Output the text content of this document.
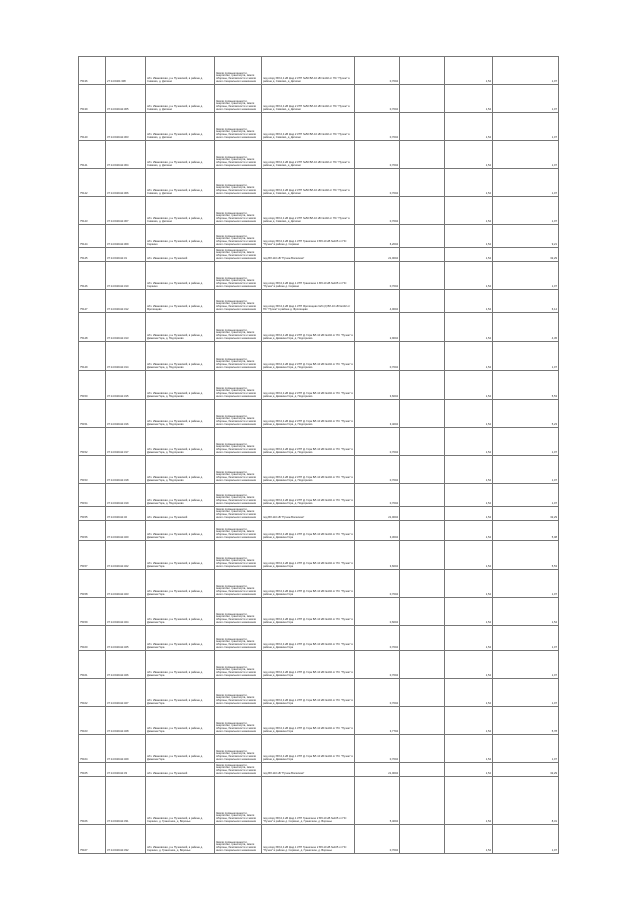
75136	27:14:0401:308	обл. Ивановская, р-н Пучежский, в районе д. Сивково, д. Деткино	Земли промышленности, энергетики, транспорта, земли обороны, безопасности и земли иного специального назначения	под опору ВЛ-0,4 кВ фид.2 КТП №50 ВЛ-10 кВ №102 от ПС "Пучеж" в районе д. Сивково, д. Деткино	0,7004		1,54	1,07
75139	37:14:040411:305	обл. Ивановская, р-н Пучежский, в районе д. Сивково, д. Деткино	Земли промышленности, энергетики, транспорта, земли обороны, безопасности и земли иного специального назначения	под опору ВЛ-0,4 кВ фид.2 КТП №50 ВЛ-10 кВ №102 от ПС "Пучеж" в районе д. Сивково, д. Деткино	0,7004		1,54	1,07
75140	37:14:040411:303	обл. Ивановская, р-н Пучежский, в районе д. Сивково, д. Деткино	Земли промышленности, энергетики, транспорта, земли обороны, безопасности и земли иного специального назначения	под опору ВЛ-0,4 кВ фид.2 КТП №50 ВЛ-10 кВ №102 от ПС "Пучеж" в районе д. Сивково, д. Деткино	0,7004		1,54	1,07
75141	37:14:040411:304	обл. Ивановская, р-н Пучежский, в районе д. Сивково, д. Деткино	Земли промышленности, энергетики, транспорта, земли обороны, безопасности и земли иного специального назначения	под опору ВЛ-0,4 кВ фид.2 КТП №50 ВЛ-10 кВ №102 от ПС "Пучеж" в районе д. Сивково, д. Деткино	0,7004		1,54	1,07
75142	37:14:040411:306	обл. Ивановская, р-н Пучежский, в районе д. Сивково, д. Деткино	Земли промышленности, энергетики, транспорта, земли обороны, безопасности и земли иного специального назначения	под опору ВЛ-0,4 кВ фид.2 КТП №50 ВЛ-10 кВ №102 от ПС "Пучеж" в районе д. Сивково, д. Деткино	0,7004		1,54	1,07
75143	37:14:040411:307	обл. Ивановская, р-н Пучежский, в районе д. Сивково, д. Деткино	Земли промышленности, энергетики, транспорта, земли обороны, безопасности и земли иного специального назначения	под опору ВЛ-0,4 кВ фид.2 КТП №50 ВЛ-10 кВ №102 от ПС "Пучеж" в районе д. Сивково, д. Деткино	0,7004		1,54	1,07
75144	37:14:040411:309	обл. Ивановская, р-н Пучежский, в районе д. Серкино	Земли промышленности, энергетики, транспорта, земли обороны, безопасности и земли иного специального назначения	под опору ВЛ-0,4 кВ фид.1 КТП Граничное 3 ВЛ-10 кВ №105 от ПС "Пучеж" в районе д. Серкино	6,2004		1,54	9,21
75145	37:14:040411:31	обл. Ивановская, р-н Пучежский	Земли промышленности, энергетики, транспорта, земли обороны, безопасности и земли иного специального назначения	под ВЛ-110 кВ "Пучеж-Волжская"	21,0004		1,54	32,29
75146	37:14:040411:310	обл. Ивановская, р-н Пучежский, в районе д. Серкино	Земли промышленности, энергетики, транспорта, земли обороны, безопасности и земли иного специального назначения	под опору ВЛ-0,4 кВ фид.1 КТП Граничное 1 ВЛ-10 кВ №105 от ПС "Пучеж" в районе д. Серкино	0,7004		1,54	1,07
75147	37:14:040411:312	обл. Ивановская, р-н Пучежский, в районе д. Фролищево	Земли промышленности, энергетики, транспорта, земли обороны, безопасности и земли иного специального назначения	под опору ВЛ-0,4 кВ фид.1 КТП Фролищево №5 (2) ВЛ-10 кВ №102 от ПС "Пучеж" в районе д. Фролищево	4,0004		1,54	6,14
75148	37:14:040411:313	обл. Ивановская, р-н Пучежский, в районе д. Демкина Гора, д. Подгорново	Земли промышленности, энергетики, транспорта, земли обороны, безопасности и земли иного специального назначения	под опору ВЛ-0,4 кВ фид.2 КТП Д. Гора ВЛ-10 кВ №102 от ПС "Пучеж" в районе д. Демкина Гора, д. Подгорново	2,9004		1,54	4,45
75149	37:14:040411:314	обл. Ивановская, р-н Пучежский, в районе д. Демкина Гора, д. Подгорново	Земли промышленности, энергетики, транспорта, земли обороны, безопасности и земли иного специального назначения	под опору ВЛ-0,4 кВ фид.2 КТП Д. Гора ВЛ-10 кВ №102 от ПС "Пучеж" в районе д. Демкина Гора, д. Подгорново	0,7004		1,54	1,07
75150	37:14:040411:315	обл. Ивановская, р-н Пучежский, в районе д. Демкина Гора, д. Подгорново	Земли промышленности, энергетики, транспорта, земли обороны, безопасности и земли иного специального назначения	под опору ВЛ-0,4 кВ фид.2 КТП Д. Гора ВЛ-10 кВ №102 от ПС "Пучеж" в районе д. Демкина Гора, д. Подгорново	3,6004		1,54	5,53
75151	37:14:040411:316	обл. Ивановская, р-н Пучежский, в районе д. Демкина Гора, д. Подгорново	Земли промышленности, энергетики, транспорта, земли обороны, безопасности и земли иного специального назначения	под опору ВЛ-0,4 кВ фид.2 КТП Д. Гора ВЛ-10 кВ №102 от ПС "Пучеж" в районе д. Демкина Гора, д. Подгорново	3,4004		1,54	5,23
75152	37:14:040411:317	обл. Ивановская, р-н Пучежский, в районе д. Демкина Гора, д. Подгорново	Земли промышленности, энергетики, транспорта, земли обороны, безопасности и земли иного специального назначения	под опору ВЛ-0,4 кВ фид.2 КТП Д. Гора ВЛ-10 кВ №102 от ПС "Пучеж" в районе д. Демкина Гора, д. Подгорново	0,7004		1,54	1,07
75153	37:14:040411:318	обл. Ивановская, р-н Пучежский, в районе д. Демкина Гора, д. Подгорново	Земли промышленности, энергетики, транспорта, земли обороны, безопасности и земли иного специального назначения	под опору ВЛ-0,4 кВ фид.2 КТП Д. Гора ВЛ-10 кВ №102 от ПС "Пучеж" в районе д. Демкина Гора, д. Подгорново	0,7004		1,54	1,07
75154	37:14:040411:319	обл. Ивановская, р-н Пучежский, в районе д. Демкина Гора, д. Подгорново	Земли промышленности, энергетики, транспорта, земли обороны, безопасности и земли иного специального назначения	под опору ВЛ-0,4 кВ фид.2 КТП Д. Гора ВЛ-10 кВ №102 от ПС "Пучеж" в районе д. Демкина Гора, д. Подгорново	0,7004		1,54	1,07
75155	37:14:040411:32	обл. Ивановская, р-н Пучежский	Земли промышленности, энергетики, транспорта, земли обороны, безопасности и земли иного специального назначения	под ВЛ-110 кВ "Пучеж-Волжская"	21,0004		1,54	32,29
75156	37:14:040411:320	обл. Ивановская, р-н Пучежский, в районе д. Демкина Гора	Земли промышленности, энергетики, транспорта, земли обороны, безопасности и земли иного специального назначения	под опору ВЛ-0,4 кВ фид.1 КТП Д. Гора ВЛ-10 кВ №102 от ПС "Пучеж" в районе д. Демкина Гора	3,3004		1,54	5,08
75157	37:14:040411:322	обл. Ивановская, р-н Пучежский, в районе д. Демкина Гора	Земли промышленности, энергетики, транспорта, земли обороны, безопасности и земли иного специального назначения	под опору ВЛ-0,4 кВ фид.1 КТП Д. Гора ВЛ-10 кВ №102 от ПС "Пучеж" в районе д. Демкина Гора	3,6004		1,54	5,53
75158	37:14:040411:323	обл. Ивановская, р-н Пучежский, в районе д. Демкина Гора	Земли промышленности, энергетики, транспорта, земли обороны, безопасности и земли иного специального назначения	под опору ВЛ-0,4 кВ фид.1 КТП Д. Гора ВЛ-10 кВ №102 от ПС "Пучеж" в районе д. Демкина Гора	0,7004		1,54	1,07
75159	37:14:040411:324	обл. Ивановская, р-н Пучежский, в районе д. Демкина Гора	Земли промышленности, энергетики, транспорта, земли обороны, безопасности и земли иного специального назначения	под опору ВЛ-0,4 кВ фид.1 КТП Д. Гора ВЛ-10 кВ №102 от ПС "Пучеж" в районе д. Демкина Гора	0,6004		1,54	1,54
75160	37:14:040411:325	обл. Ивановская, р-н Пучежский, в районе д. Демкина Гора	Земли промышленности, энергетики, транспорта, земли обороны, безопасности и земли иного специального назначения	под опору ВЛ-0,4 кВ фид.1 КТП Д. Гора ВЛ-10 кВ №102 от ПС "Пучеж" в районе д. Демкина Гора	0,7004		1,54	1,07
75161	37:14:040411:326	обл. Ивановская, р-н Пучежский, в районе д. Демкина Гора	Земли промышленности, энергетики, транспорта, земли обороны, безопасности и земли иного специального назначения	под опору ВЛ-0,4 кВ фид.1 КТП Д. Гора ВЛ-10 кВ №102 от ПС "Пучеж" в районе д. Демкина Гора	0,7004		1,54	1,07
75162	37:14:040411:327	обл. Ивановская, р-н Пучежский, в районе д. Демкина Гора	Земли промышленности, энергетики, транспорта, земли обороны, безопасности и земли иного специального назначения	под опору ВЛ-0,4 кВ фид.1 КТП Д. Гора ВЛ-10 кВ №102 от ПС "Пучеж" в районе д. Демкина Гора	0,7004		1,54	1,07
75163	37:14:040411:328	обл. Ивановская, р-н Пучежский, в районе д. Демкина Гора	Земли промышленности, энергетики, транспорта, земли обороны, безопасности и земли иного специального назначения	под опору ВЛ-0,4 кВ фид.1 КТП Д. Гора ВЛ-10 кВ №102 от ПС "Пучеж" в районе д. Демкина Гора	3,7704		1,54	5,78
75164	37:14:040411:329	обл. Ивановская, р-н Пучежский, в районе д. Демкина Гора	Земли промышленности, энергетики, транспорта, земли обороны, безопасности и земли иного специального назначения	под опору ВЛ-0,4 кВ фид.1 КТП Д. Гора ВЛ-10 кВ №102 от ПС "Пучеж" в районе д. Демкина Гора	0,7004		1,54	1,07
75165	37:14:040411:33	обл. Ивановская, р-н Пучежский	Земли промышленности, энергетики, транспорта, земли обороны, безопасности и земли иного специального назначения	под ВЛ-110 кВ "Пучеж-Волжская"	21,0004		1,54	32,29
75166	37:14:040411:331	обл. Ивановская, р-н Пучежский, в районе д. Серкино, д. Граничное, д. Воронье	Земли промышленности, энергетики, транспорта, земли обороны, безопасности и земли иного специального назначения	под опору ВЛ-0,4 кВ фид.1 КТП Граничное 2 ВЛ-10 кВ №105 от ПС "Пучеж" в районе д. Серкино, д. Граничное, д. Воронье	5,4004		1,54	8,31
75167	37:14:040411:332	обл. Ивановская, р-н Пучежский, в районе д. Серкино, д. Граничное, д. Воронье	Земли промышленности, энергетики, транспорта, земли обороны, безопасности и земли иного специального назначения	под опору ВЛ-0,4 кВ фид.1 КТП Граничное 2 ВЛ-10 кВ №105 от ПС "Пучеж" в районе д. Серкино, д. Граничное, д. Воронье	0,7004		1,54	1,07
